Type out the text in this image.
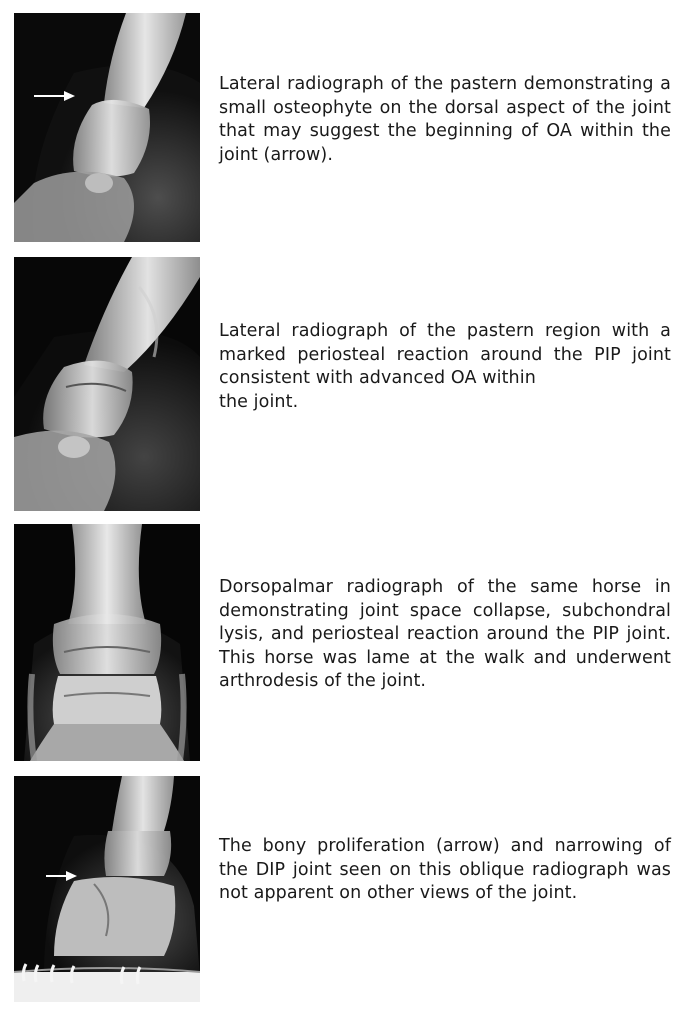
Lateral radiograph of the pastern demonstrating a small osteophyte on the dorsal aspect of the joint that may suggest the beginning of OA within the joint (arrow).

Lateral radiograph of the pastern region with a marked periosteal reaction around the PIP joint consistent with advanced OA within

the joint.

Dorsopalmar radiograph of the same horse in demonstrating joint space collapse, subchondral lysis, and periosteal reaction around the PIP joint. This horse was lame at the walk and underwent arthrodesis of the joint.

The bony proliferation (arrow) and narrowing of the DIP joint seen on this oblique radiograph was not apparent on other views of the joint.
